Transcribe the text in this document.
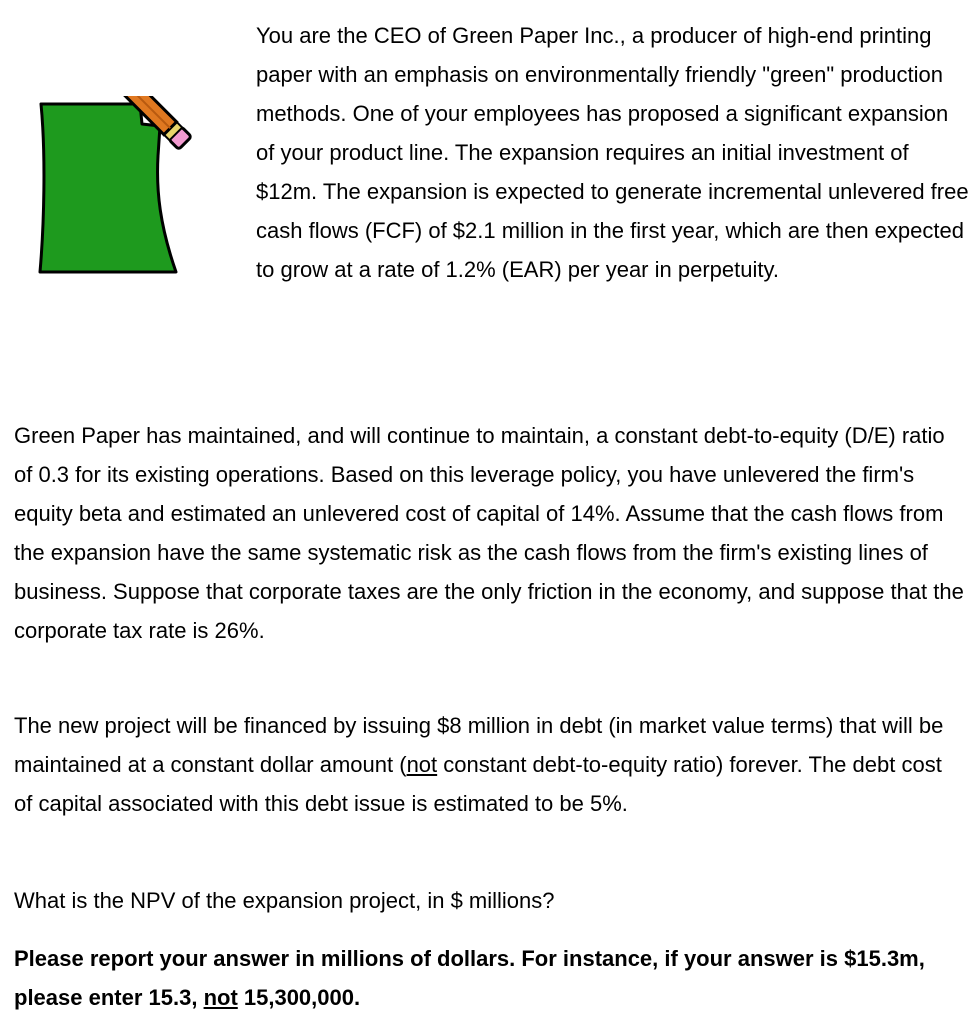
You are the CEO of Green Paper Inc., a producer of high-end printing paper with an emphasis on environmentally friendly "green" production methods. One of your employees has proposed a significant expansion of your product line. The expansion requires an initial investment of $12m. The expansion is expected to generate incremental unlevered free cash flows (FCF) of $2.1 million in the first year, which are then expected to grow at a rate of 1.2% (EAR) per year in perpetuity.

Green Paper has maintained, and will continue to maintain, a constant debt-to-equity (D/E) ratio of 0.3 for its existing operations. Based on this leverage policy, you have unlevered the firm's equity beta and estimated an unlevered cost of capital of 14%. Assume that the cash flows from the expansion have the same systematic risk as the cash flows from the firm's existing lines of business. Suppose that corporate taxes are the only friction in the economy, and suppose that the corporate tax rate is 26%.

The new project will be financed by issuing $8 million in debt (in market value terms) that will be maintained at a constant dollar amount (not constant debt-to-equity ratio) forever. The debt cost of capital associated with this debt issue is estimated to be 5%.

What is the NPV of the expansion project, in $ millions?

Please report your answer in millions of dollars. For instance, if your answer is $15.3m, please enter 15.3, not 15,300,000.
